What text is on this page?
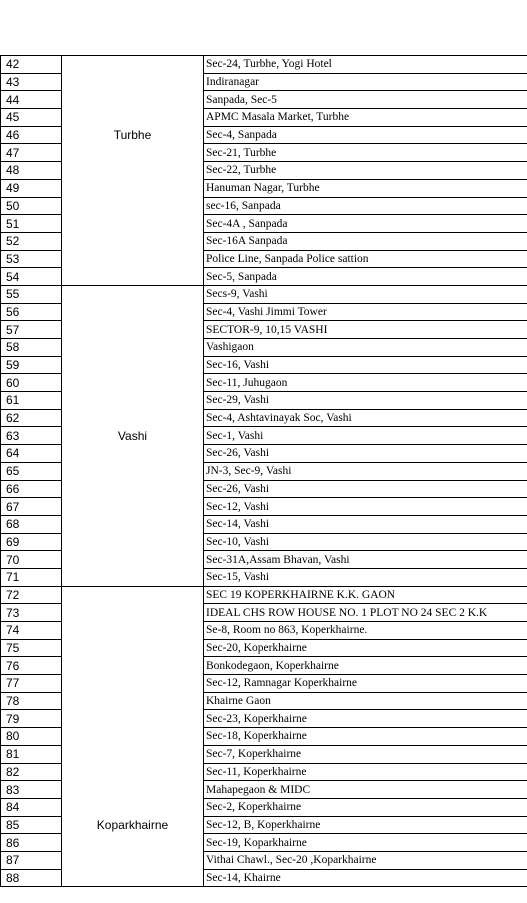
42		Sec-24, Turbhe, Yogi Hotel
43		Indiranagar
44		Sanpada, Sec-5
45		APMC Masala Market, Turbhe
46	Turbhe	Sec-4, Sanpada
47		Sec-21, Turbhe
48		Sec-22, Turbhe
49		Hanuman Nagar, Turbhe
50		sec-16, Sanpada
51		Sec-4A , Sanpada
52		Sec-16A Sanpada
53		Police Line, Sanpada Police sattion
54		Sec-5, Sanpada
55		Secs-9, Vashi
56		Sec-4, Vashi Jimmi Tower
57		SECTOR-9, 10,15 VASHI
58		Vashigaon
59		Sec-16, Vashi
60		Sec-11, Juhugaon
61		Sec-29, Vashi
62		Sec-4, Ashtavinayak Soc, Vashi
63	Vashi	Sec-1, Vashi
64		Sec-26, Vashi
65		JN-3, Sec-9, Vashi
66		Sec-26, Vashi
67		Sec-12, Vashi
68		Sec-14, Vashi
69		Sec-10, Vashi
70		Sec-31A,Assam Bhavan, Vashi
71		Sec-15, Vashi
72		SEC 19 KOPERKHAIRNE K.K. GAON
73		IDEAL CHS ROW HOUSE NO. 1 PLOT NO 24 SEC 2 K.K
74		Se-8, Room no 863, Koperkhairne.
75		Sec-20, Koperkhairne
76		Bonkodegaon, Koperkhairne
77		Sec-12, Ramnagar Koperkhairne
78		Khairne Gaon
79		Sec-23, Koperkhairne
80		Sec-18, Koperkhairne
81		Sec-7, Koperkhairne
82		Sec-11, Koperkhairne
83		Mahapegaon & MIDC
84		Sec-2, Koperkhairne
85	Koparkhairne	Sec-12, B, Koperkhairne
86		Sec-19, Koparkhairne
87		Vithai Chawl., Sec-20 ,Koparkhairne
88		Sec-14, Khairne
